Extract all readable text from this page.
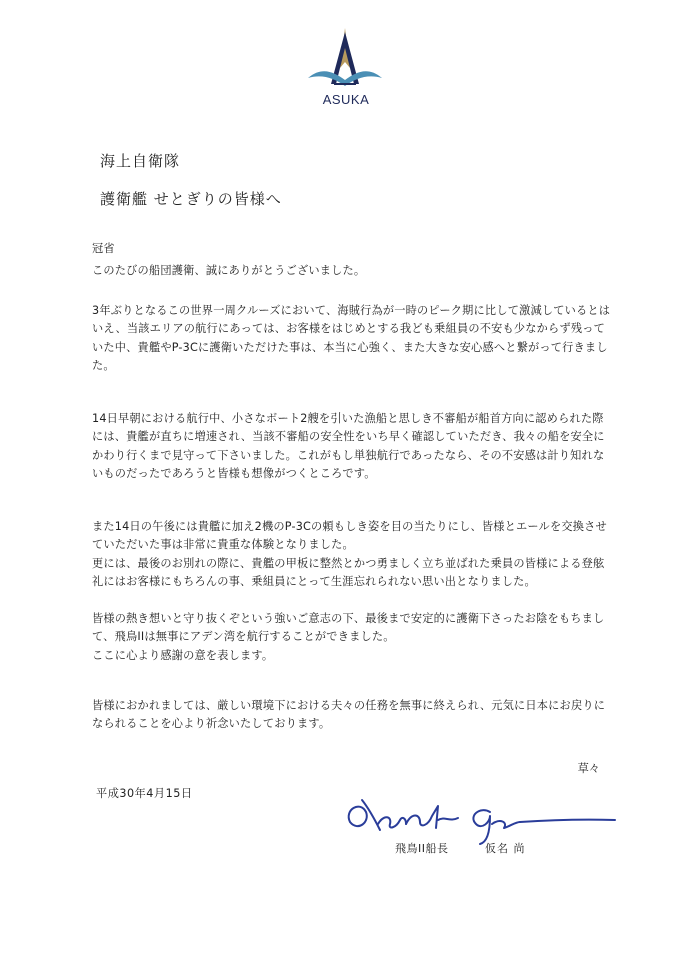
ASUKA
海上自衛隊
護衛艦 せとぎりの皆様へ

冠省

このたびの船団護衛、誠にありがとうございました。

3年ぶりとなるこの世界一周クルーズにおいて、海賊行為が一時のピーク期に比して激減しているとはいえ、当該エリアの航行にあっては、お客様をはじめとする我ども乗組員の不安も少なからず残っていた中、貴艦やP-3Cに護衛いただけた事は、本当に心強く、また大きな安心感へと繋がって行きました。

14日早朝における航行中、小さなボート2艘を引いた漁船と思しき不審船が船首方向に認められた際には、貴艦が直ちに増速され、当該不審船の安全性をいち早く確認していただき、我々の船を安全にかわり行くまで見守って下さいました。これがもし単独航行であったなら、その不安感は計り知れないものだったであろうと皆様も想像がつくところです。

また14日の午後には貴艦に加え2機のP-3Cの頼もしき姿を目の当たりにし、皆様とエールを交換させていただいた事は非常に貴重な体験となりました。

更には、最後のお別れの際に、貴艦の甲板に整然とかつ勇ましく立ち並ばれた乗員の皆様による登舷礼にはお客様にもちろんの事、乗組員にとって生涯忘れられない思い出となりました。

皆様の熱き想いと守り抜くぞという強いご意志の下、最後まで安定的に護衛下さったお陰をもちまして、飛鳥IIは無事にアデン湾を航行することができました。

ここに心より感謝の意を表します。

皆様におかれましては、厳しい環境下における夫々の任務を無事に終えられ、元気に日本にお戻りになられることを心より祈念いたしております。

草々
平成30年4月15日
飛鳥II船長	仮名 尚
